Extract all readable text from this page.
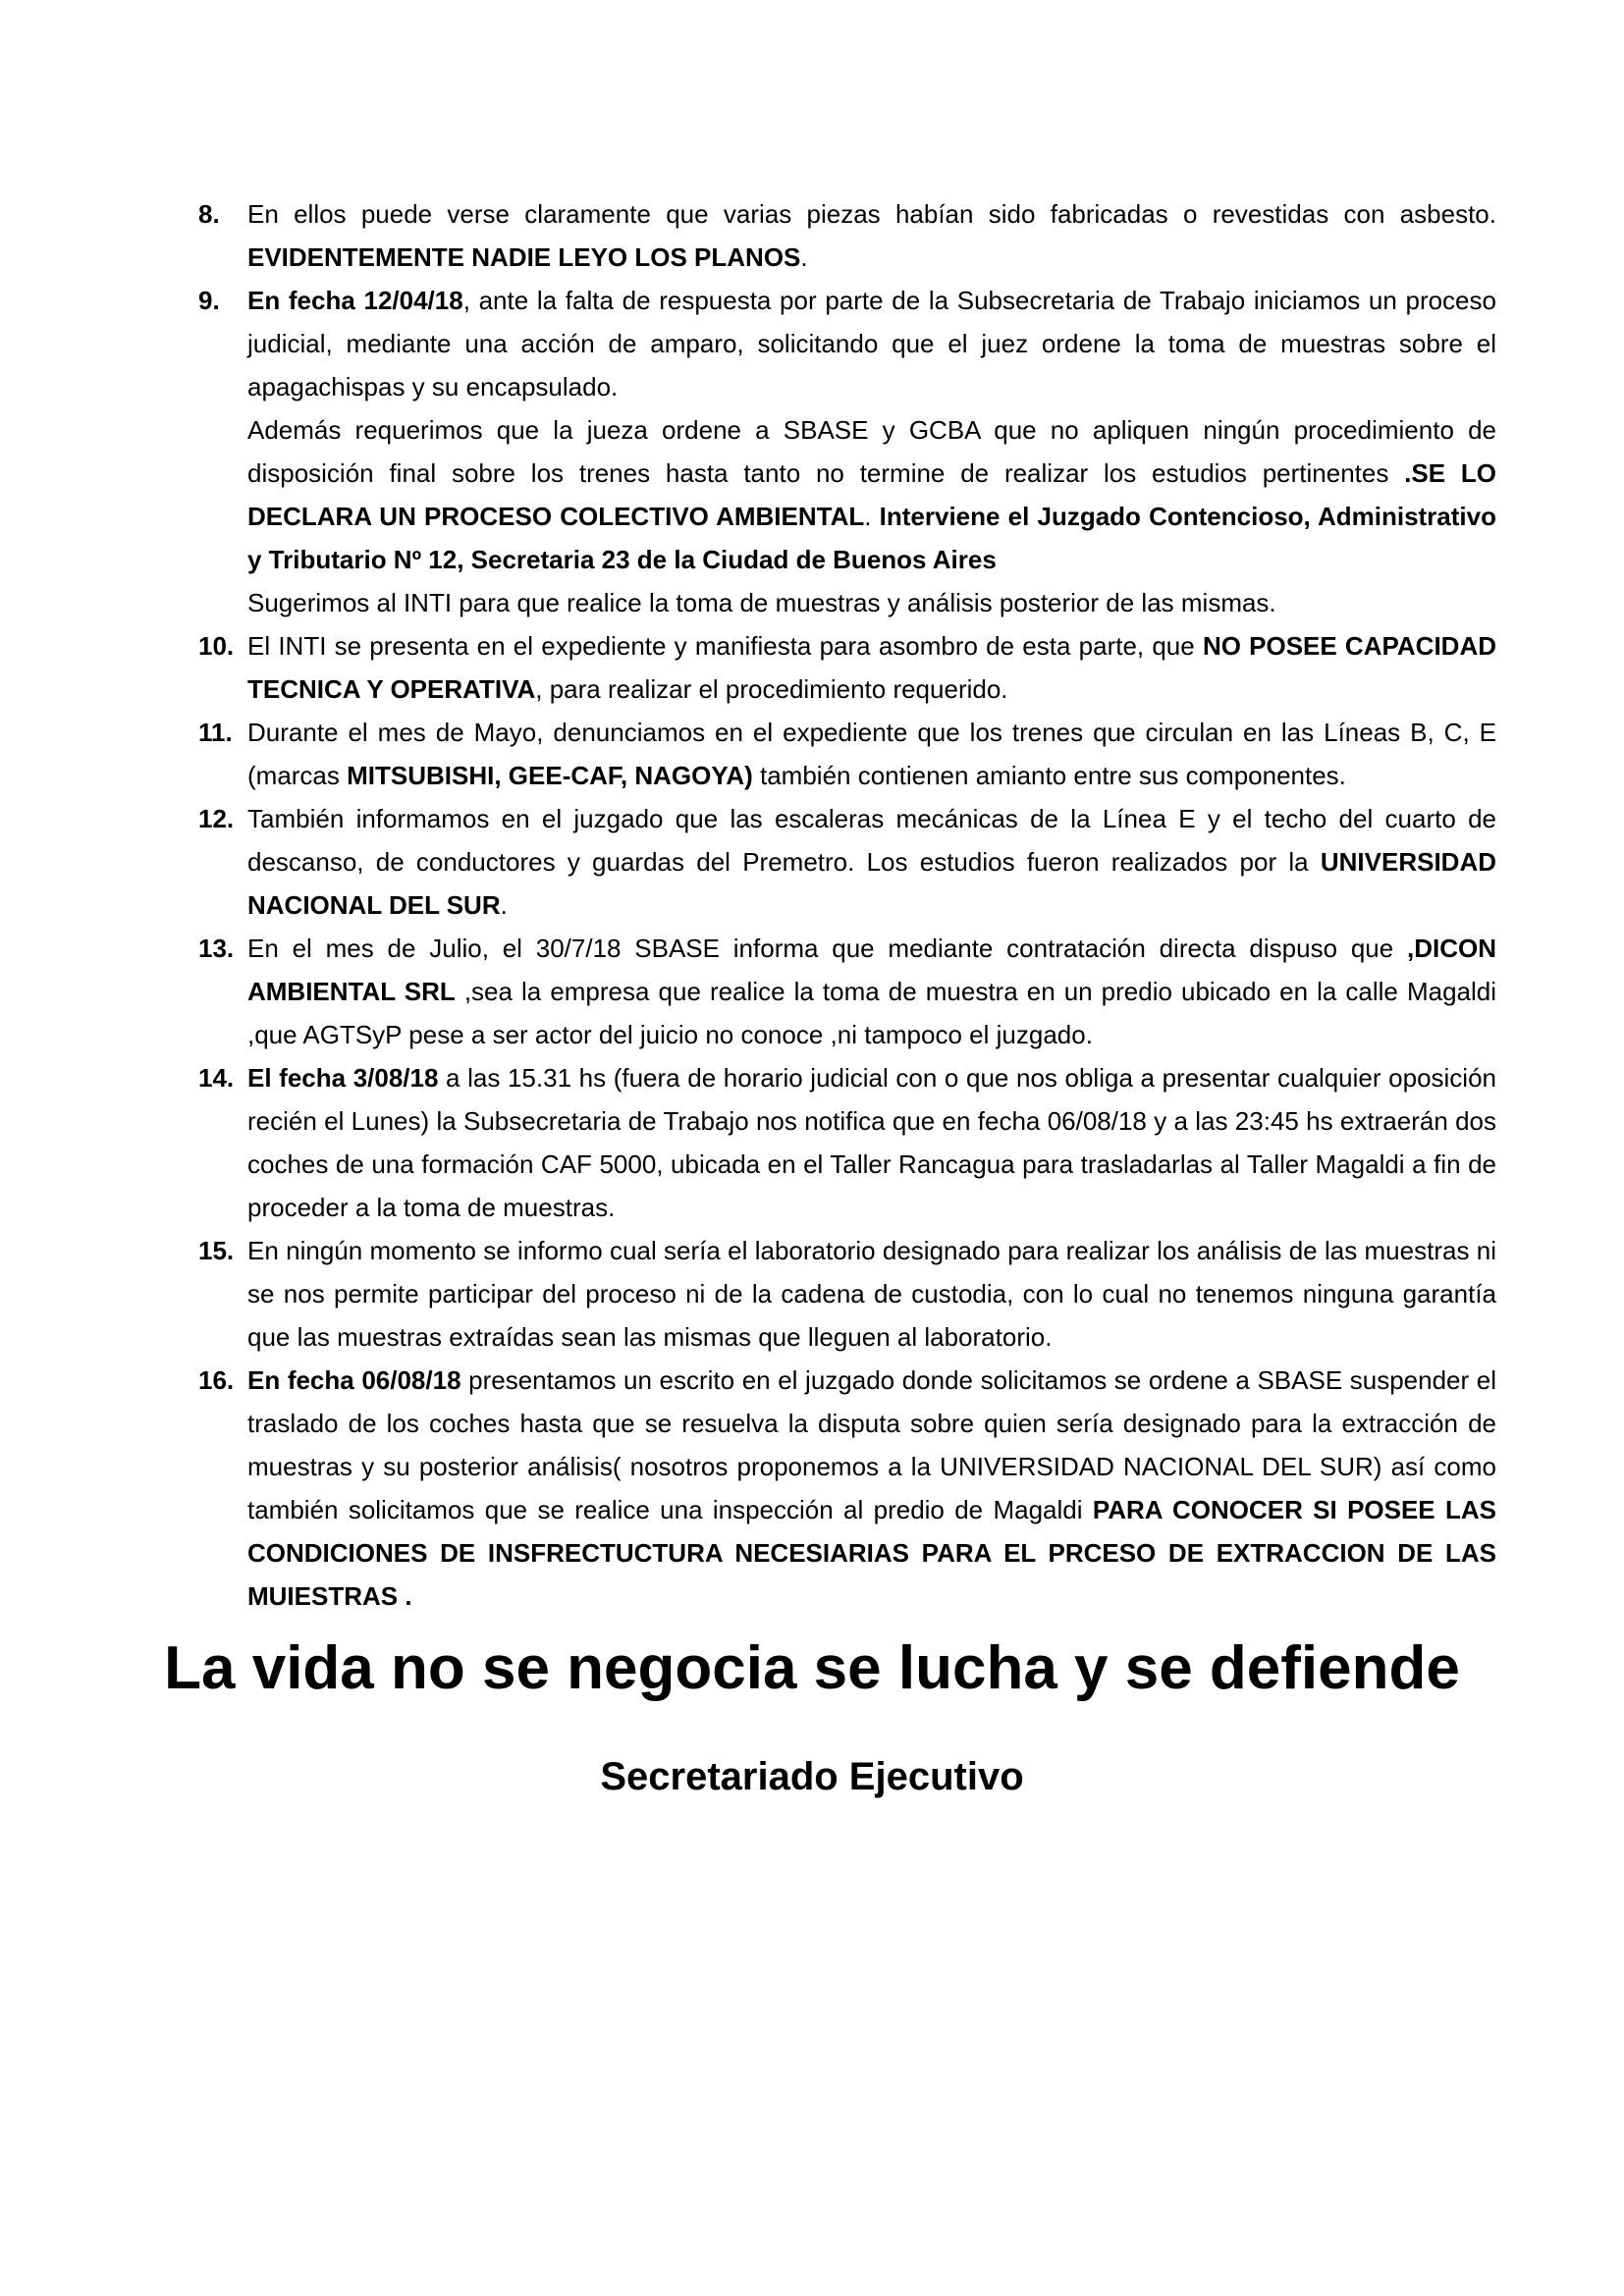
8. En ellos puede verse claramente que varias piezas habían sido fabricadas o revestidas con asbesto. EVIDENTEMENTE NADIE LEYO LOS PLANOS.

9. En fecha 12/04/18, ante la falta de respuesta por parte de la Subsecretaria de Trabajo iniciamos un proceso judicial, mediante una acción de amparo, solicitando que el juez ordene la toma de muestras sobre el apagachispas y su encapsulado.

Además requerimos que la jueza ordene a SBASE y GCBA que no apliquen ningún procedimiento de disposición final sobre los trenes hasta tanto no termine de realizar los estudios pertinentes .SE LO DECLARA UN PROCESO COLECTIVO AMBIENTAL. Interviene el Juzgado Contencioso, Administrativo y Tributario Nº 12, Secretaria 23 de la Ciudad de Buenos Aires

Sugerimos al INTI para que realice la toma de muestras y análisis posterior de las mismas.

10. El INTI se presenta en el expediente y manifiesta para asombro de esta parte, que NO POSEE CAPACIDAD TECNICA Y OPERATIVA, para realizar el procedimiento requerido.

11. Durante el mes de Mayo, denunciamos en el expediente que los trenes que circulan en las Líneas B, C, E (marcas MITSUBISHI, GEE-CAF, NAGOYA) también contienen amianto entre sus componentes.

12. También informamos en el juzgado que las escaleras mecánicas de la Línea E y el techo del cuarto de descanso, de conductores y guardas del Premetro. Los estudios fueron realizados por la UNIVERSIDAD NACIONAL DEL SUR.

13. En el mes de Julio, el 30/7/18 SBASE informa que mediante contratación directa dispuso que ,DICON AMBIENTAL SRL ,sea la empresa que realice la toma de muestra en un predio ubicado en la calle Magaldi ,que AGTSyP pese a ser actor del juicio no conoce ,ni tampoco el juzgado.

14. El fecha 3/08/18 a las 15.31 hs (fuera de horario judicial con o que nos obliga a presentar cualquier oposición recién el Lunes) la Subsecretaria de Trabajo nos notifica que en fecha 06/08/18 y a las 23:45 hs extraerán dos coches de una formación CAF 5000, ubicada en el Taller Rancagua para trasladarlas al Taller Magaldi a fin de proceder a la toma de muestras.

15. En ningún momento se informo cual sería el laboratorio designado para realizar los análisis de las muestras ni se nos permite participar del proceso ni de la cadena de custodia, con lo cual no tenemos ninguna garantía que las muestras extraídas sean las mismas que lleguen al laboratorio.

16. En fecha 06/08/18 presentamos un escrito en el juzgado donde solicitamos se ordene a SBASE suspender el traslado de los coches hasta que se resuelva la disputa sobre quien sería designado para la extracción de muestras y su posterior análisis( nosotros proponemos a la UNIVERSIDAD NACIONAL DEL SUR) así como también solicitamos que se realice una inspección al predio de Magaldi PARA CONOCER SI POSEE LAS CONDICIONES DE INSFRECTUCTURA NECESIARIAS PARA EL PRCESO DE EXTRACCION DE LAS MUIESTRAS .

La vida no se negocia se lucha y se defiende
Secretariado Ejecutivo
